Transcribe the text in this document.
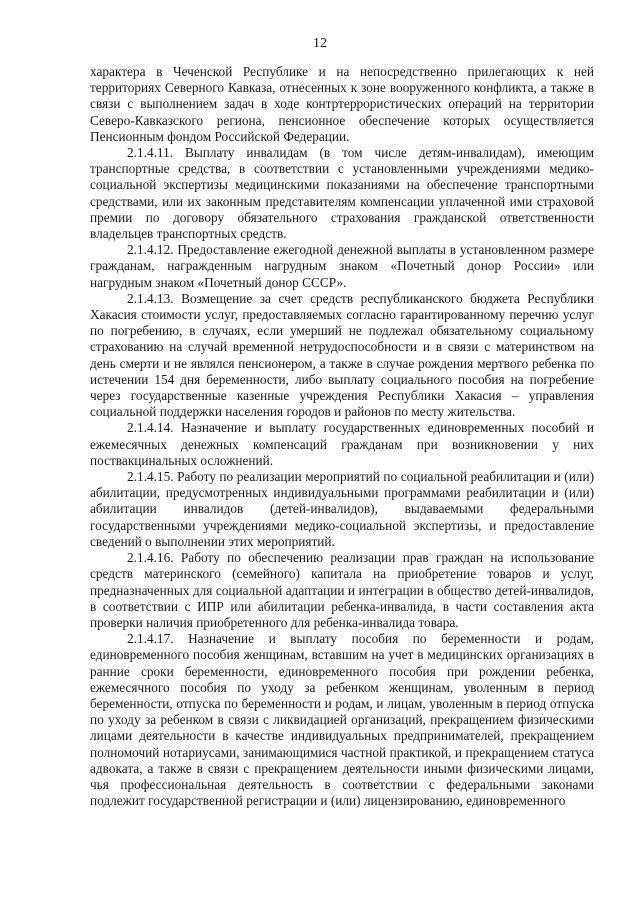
12

характера в Чеченской Республике и на непосредственно прилегающих к ней территориях Северного Кавказа, отнесенных к зоне вооруженного конфликта, а также в связи с выполнением задач в ходе контртеррористических операций на территории Северо-Кавказского региона, пенсионное обеспечение которых осуществляется Пенсионным фондом Российской Федерации.

2.1.4.11. Выплату инвалидам (в том числе детям-инвалидам), имеющим транспортные средства, в соответствии с установленными учреждениями медико-социальной экспертизы медицинскими показаниями на обеспечение транспортными средствами, или их законным представителям компенсации уплаченной ими страховой премии по договору обязательного страхования гражданской ответственности владельцев транспортных средств.

2.1.4.12. Предоставление ежегодной денежной выплаты в установленном размере гражданам, награжденным нагрудным знаком «Почетный донор России» или нагрудным знаком «Почетный донор СССР».

2.1.4.13. Возмещение за счет средств республиканского бюджета Республики Хакасия стоимости услуг, предоставляемых согласно гарантированному перечню услуг по погребению, в случаях, если умерший не подлежал обязательному социальному страхованию на случай временной нетрудоспособности и в связи с материнством на день смерти и не являлся пенсионером, а также в случае рождения мертвого ребенка по истечении 154 дня беременности, либо выплату социального пособия на погребение через государственные казенные учреждения Республики Хакасия – управления социальной поддержки населения городов и районов по месту жительства.

2.1.4.14. Назначение и выплату государственных единовременных пособий и ежемесячных денежных компенсаций гражданам при возникновении у них поствакцинальных осложнений.

2.1.4.15. Работу по реализации мероприятий по социальной реабилитации и (или) абилитации, предусмотренных индивидуальными программами реабилитации и (или) абилитации инвалидов (детей-инвалидов), выдаваемыми федеральными государственными учреждениями медико-социальной экспертизы, и предоставление сведений о выполнении этих мероприятий.

2.1.4.16. Работу по обеспечению реализации прав граждан на использование средств материнского (семейного) капитала на приобретение товаров и услуг, предназначенных для социальной адаптации и интеграции в общество детей-инвалидов, в соответствии с ИПР или абилитации ребенка-инвалида, в части составления акта проверки наличия приобретенного для ребенка-инвалида товара.

2.1.4.17. Назначение и выплату пособия по беременности и родам, единовременного пособия женщинам, вставшим на учет в медицинских организациях в ранние сроки беременности, единовременного пособия при рождении ребенка, ежемесячного пособия по уходу за ребенком женщинам, уволенным в период беременности, отпуска по беременности и родам, и лицам, уволенным в период отпуска по уходу за ребенком в связи с ликвидацией организаций, прекращением физическими лицами деятельности в качестве индивидуальных предпринимателей, прекращением полномочий нотариусами, занимающимися частной практикой, и прекращением статуса адвоката, а также в связи с прекращением деятельности иными физическими лицами, чья профессиональная деятельность в соответствии с федеральными законами подлежит государственной регистрации и (или) лицензированию, единовременного
